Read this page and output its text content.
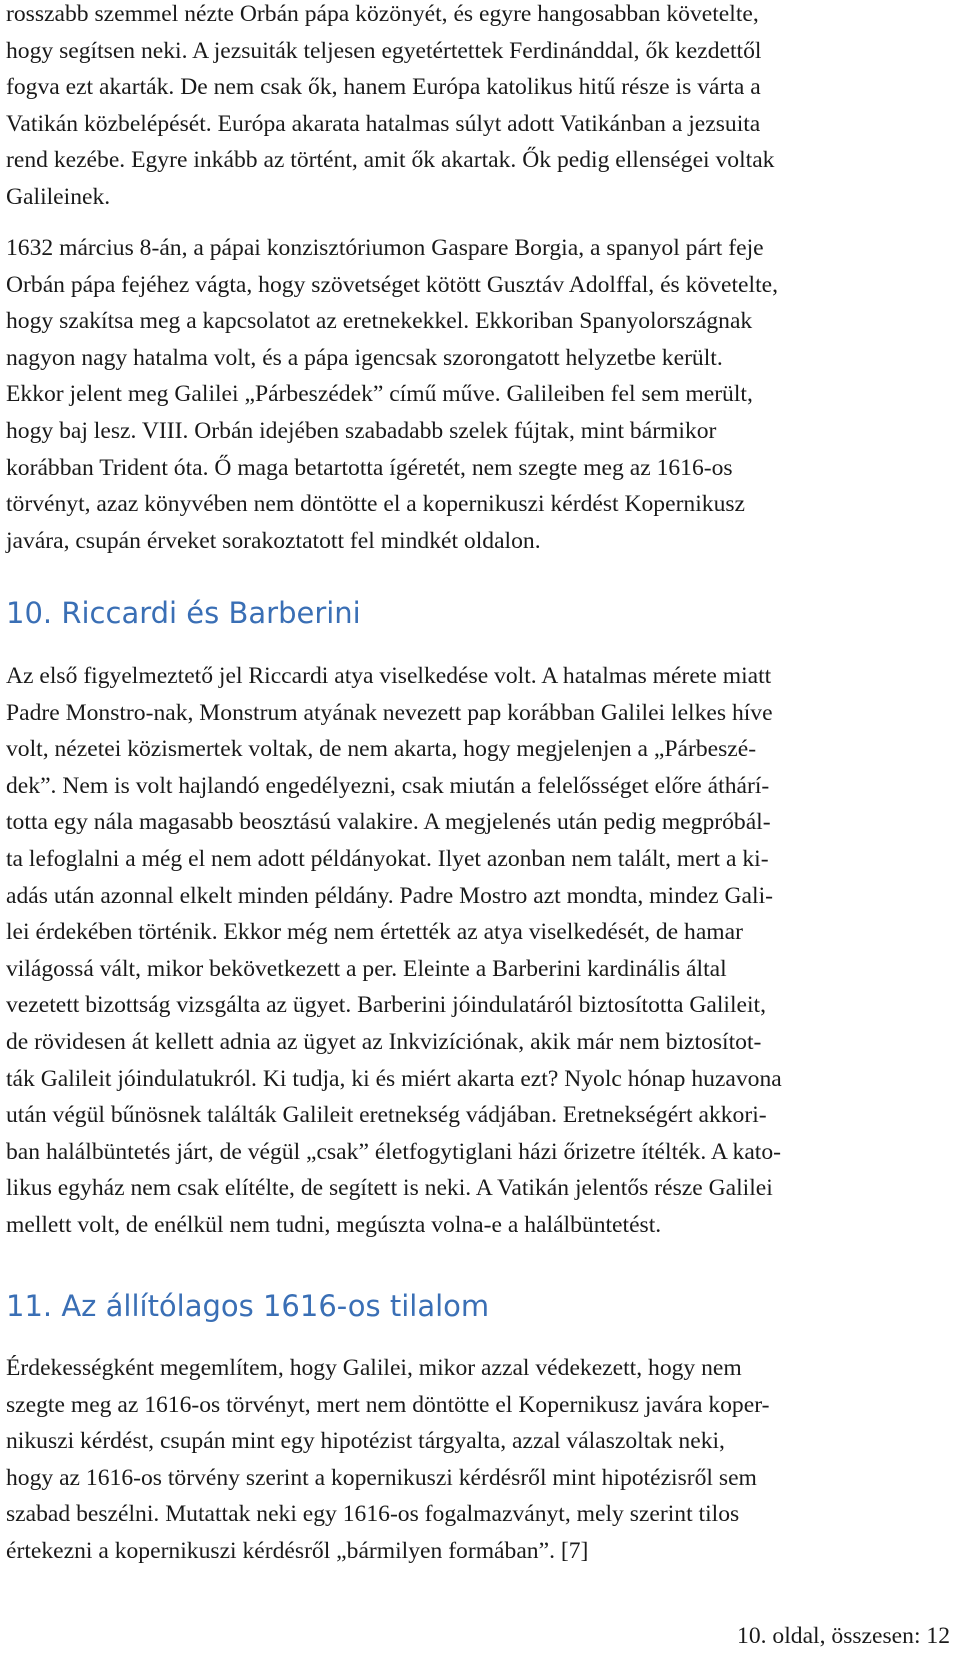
rosszabb szemmel nézte Orbán pápa közönyét, és egyre hangosabban követelte,
hogy segítsen neki. A jezsuiták teljesen egyetértettek Ferdinánddal, ők kezdettől
fogva ezt akarták. De nem csak ők, hanem Európa katolikus hitű része is várta a
Vatikán közbelépését. Európa akarata hatalmas súlyt adott Vatikánban a jezsuita
rend kezébe. Egyre inkább az történt, amit ők akartak. Ők pedig ellenségei voltak
Galileinek.
1632 március 8-án, a pápai konzisztóriumon Gaspare Borgia, a spanyol párt feje
Orbán pápa fejéhez vágta, hogy szövetséget kötött Gusztáv Adolffal, és követelte,
hogy szakítsa meg a kapcsolatot az eretnekekkel. Ekkoriban Spanyolországnak
nagyon nagy hatalma volt, és a pápa igencsak szorongatott helyzetbe került.
Ekkor jelent meg Galilei „Párbeszédek” című műve. Galileiben fel sem merült,
hogy baj lesz. VIII. Orbán idejében szabadabb szelek fújtak, mint bármikor
korábban Trident óta. Ő maga betartotta ígéretét, nem szegte meg az 1616-os
törvényt, azaz könyvében nem döntötte el a kopernikuszi kérdést Kopernikusz
javára, csupán érveket sorakoztatott fel mindkét oldalon.
10. Riccardi és Barberini
Az első figyelmeztető jel Riccardi atya viselkedése volt. A hatalmas mérete miatt
Padre Monstro-nak, Monstrum atyának nevezett pap korábban Galilei lelkes híve
volt, nézetei közismertek voltak, de nem akarta, hogy megjelenjen a „Párbeszé-
dek”. Nem is volt hajlandó engedélyezni, csak miután a felelősséget előre áthárí-
totta egy nála magasabb beosztású valakire. A megjelenés után pedig megpróbál-
ta lefoglalni a még el nem adott példányokat. Ilyet azonban nem talált, mert a ki-
adás után azonnal elkelt minden példány. Padre Mostro azt mondta, mindez Gali-
lei érdekében történik. Ekkor még nem értették az atya viselkedését, de hamar
világossá vált, mikor bekövetkezett a per. Eleinte a Barberini kardinális által
vezetett bizottság vizsgálta az ügyet. Barberini jóindulatáról biztosította Galileit,
de rövidesen át kellett adnia az ügyet az Inkvizíciónak, akik már nem biztosítot-
ták Galileit jóindulatukról. Ki tudja, ki és miért akarta ezt? Nyolc hónap huzavona
után végül bűnösnek találták Galileit eretnekség vádjában. Eretnekségért akkori-
ban halálbüntetés járt, de végül „csak” életfogytiglani házi őrizetre ítélték. A kato-
likus egyház nem csak elítélte, de segített is neki. A Vatikán jelentős része Galilei
mellett volt, de enélkül nem tudni, megúszta volna-e a halálbüntetést.
11. Az állítólagos 1616-os tilalom
Érdekességként megemlítem, hogy Galilei, mikor azzal védekezett, hogy nem
szegte meg az 1616-os törvényt, mert nem döntötte el Kopernikusz javára koper-
nikuszi kérdést, csupán mint egy hipotézist tárgyalta, azzal válaszoltak neki,
hogy az 1616-os törvény szerint a kopernikuszi kérdésről mint hipotézisről sem
szabad beszélni. Mutattak neki egy 1616-os fogalmazványt, mely szerint tilos
értekezni a kopernikuszi kérdésről „bármilyen formában”. [7]
10. oldal, összesen: 12
